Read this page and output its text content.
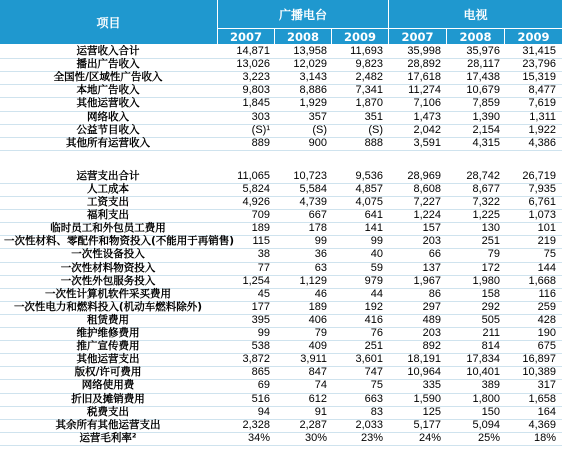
项目
广播电台	电视
2007 2008 2009 2007 2008 2009
运营收入合计	14,871	13,958	11,693	35,998	35,976	31,415
播出广告收入	13,026	12,029	9,823	28,892	28,117	23,796
全国性/区域性广告收入	3,223	3,143	2,482	17,618	17,438	15,319
本地广告收入	9,803	8,886	7,341	11,274	10,679	8,477
其他运营收入	1,845	1,929	1,870	7,106	7,859	7,619
网络收入	303	357	351	1,473	1,390	1,311
公益节目收入	(S)¹	(S)	(S)	2,042	2,154	1,922
其他所有运营收入	889	900	888	3,591	4,315	4,386
运营支出合计	11,065	10,723	9,536	28,969	28,742	26,719
人工成本	5,824	5,584	4,857	8,608	8,677	7,935
工资支出	4,926	4,739	4,075	7,227	7,322	6,761
福利支出	709	667	641	1,224	1,225	1,073
临时员工和外包员工费用	189	178	141	157	130	101
一次性材料、零配件和物资投入(不能用于再销售)	115	99	99	203	251	219
一次性设备投入	38	36	40	66	79	75
一次性材料物资投入	77	63	59	137	172	144
一次性外包服务投入	1,254	1,129	979	1,967	1,980	1,668
一次性计算机软件采买费用	45	46	44	86	158	116
一次性电力和燃料投入(机动车燃料除外)	177	189	192	297	292	259
租赁费用	395	406	416	489	505	428
维护维修费用	99	79	76	203	211	190
推广宣传费用	538	409	251	892	814	675
其他运营支出	3,872	3,911	3,601	18,191	17,834	16,897
版权/许可费用	865	847	747	10,964	10,401	10,389
网络使用费	69	74	75	335	389	317
折旧及摊销费用	516	612	663	1,590	1,800	1,658
税费支出	94	91	83	125	150	164
其余所有其他运营支出	2,328	2,287	2,033	5,177	5,094	4,369
运营毛利率²	34%	30%	23%	24%	25%	18%
